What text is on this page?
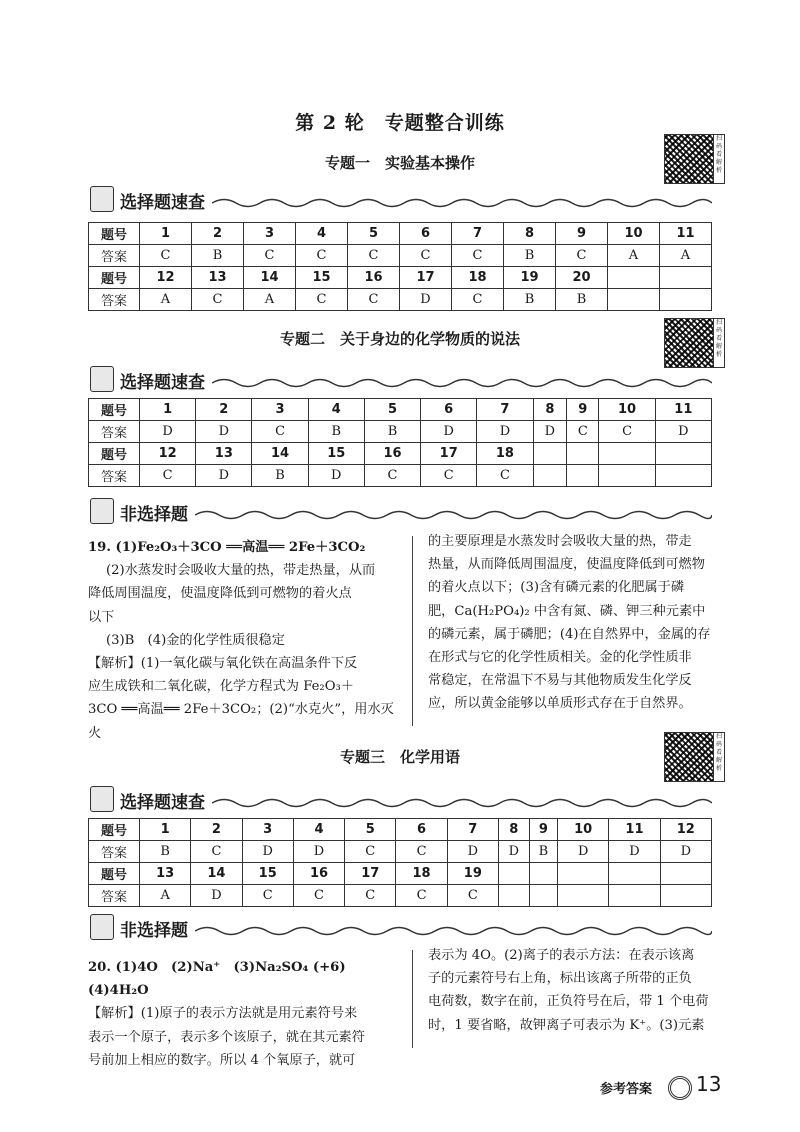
第 2 轮　专题整合训练
专题一　实验基本操作
扫码看解析
选择题速查
题号	1	2	3	4	5	6	7	8	9	10	11
答案	C	B	C	C	C	C	C	B	C	A	A
题号	12	13	14	15	16	17	18	19	20		
答案	A	C	A	C	C	D	C	B	B		
专题二　关于身边的化学物质的说法
扫码看解析
选择题速查
题号	1	2	3	4	5	6	7	8	9	10	11
答案	D	D	C	B	B	D	D	D	C	C	D
题号	12	13	14	15	16	17	18				
答案	C	D	B	D	C	C	C				
非选择题

19. (1)Fe₂O₃＋3CO ══高温══ 2Fe＋3CO₂

(2)水蒸发时会吸收大量的热，带走热量，从而

降低周围温度，使温度降低到可燃物的着火点

以下

(3)B　(4)金的化学性质很稳定

【解析】(1)一氧化碳与氧化铁在高温条件下反

应生成铁和二氧化碳，化学方程式为 Fe₂O₃＋

3CO ══高温══ 2Fe＋3CO₂；(2)“水克火”，用水灭火

的主要原理是水蒸发时会吸收大量的热，带走

热量，从而降低周围温度，使温度降低到可燃物

的着火点以下；(3)含有磷元素的化肥属于磷

肥，Ca(H₂PO₄)₂ 中含有氮、磷、钾三种元素中

的磷元素，属于磷肥；(4)在自然界中，金属的存

在形式与它的化学性质相关。金的化学性质非

常稳定，在常温下不易与其他物质发生化学反

应，所以黄金能够以单质形式存在于自然界。

专题三　化学用语
扫码看解析
选择题速查
题号	1	2	3	4	5	6	7	8	9	10	11	12
答案	B	C	D	D	C	C	D	D	B	D	D	D
题号	13	14	15	16	17	18	19					
答案	A	D	C	C	C	C	C					
非选择题

20. (1)4O　(2)Na⁺　(3)Na₂SO₄ (+6)　(4)4H₂O

【解析】(1)原子的表示方法就是用元素符号来

表示一个原子，表示多个该原子，就在其元素符

号前加上相应的数字。所以 4 个氧原子，就可

表示为 4O。(2)离子的表示方法：在表示该离

子的元素符号右上角，标出该离子所带的正负

电荷数，数字在前，正负符号在后，带 1 个电荷

时，1 要省略，故钾离子可表示为 K⁺。(3)元素

参考答案 13
